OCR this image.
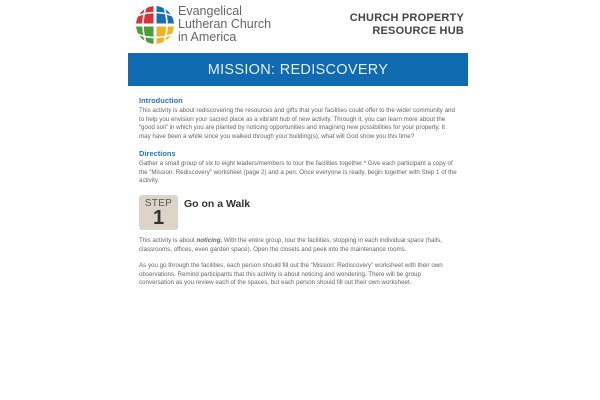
Evangelical
Lutheran Church
in America
CHURCH PROPERTY
RESOURCE HUB
MISSION: REDISCOVERY
Introduction

This activity is about rediscovering the resources and gifts that your facilities could offer to the wider community and to help you envision your sacred place as a vibrant hub of new activity. Through it, you can learn more about the “good soil” in which you are planted by noticing opportunities and imagining new possibilities for your property. It may have been a while since you walked through your building(s); what will God show you this time?

Directions

Gather a small group of six to eight leaders/members to tour the facilities together.* Give each participant a copy of the “Mission: Rediscovery” worksheet (page 2) and a pen. Once everyone is ready, begin together with Step 1 of the activity.

STEP
1
Go on a Walk

This activity is about noticing. With the entire group, tour the facilities, stopping in each individual space (halls, classrooms, offices, even garden space). Open the closets and peek into the maintenance rooms.

As you go through the facilities, each person should fill out the “Mission: Rediscovery” worksheet with their own observations. Remind participants that this activity is about noticing and wondering. There will be group conversation as you review each of the spaces, but each person should fill out their own worksheet.
